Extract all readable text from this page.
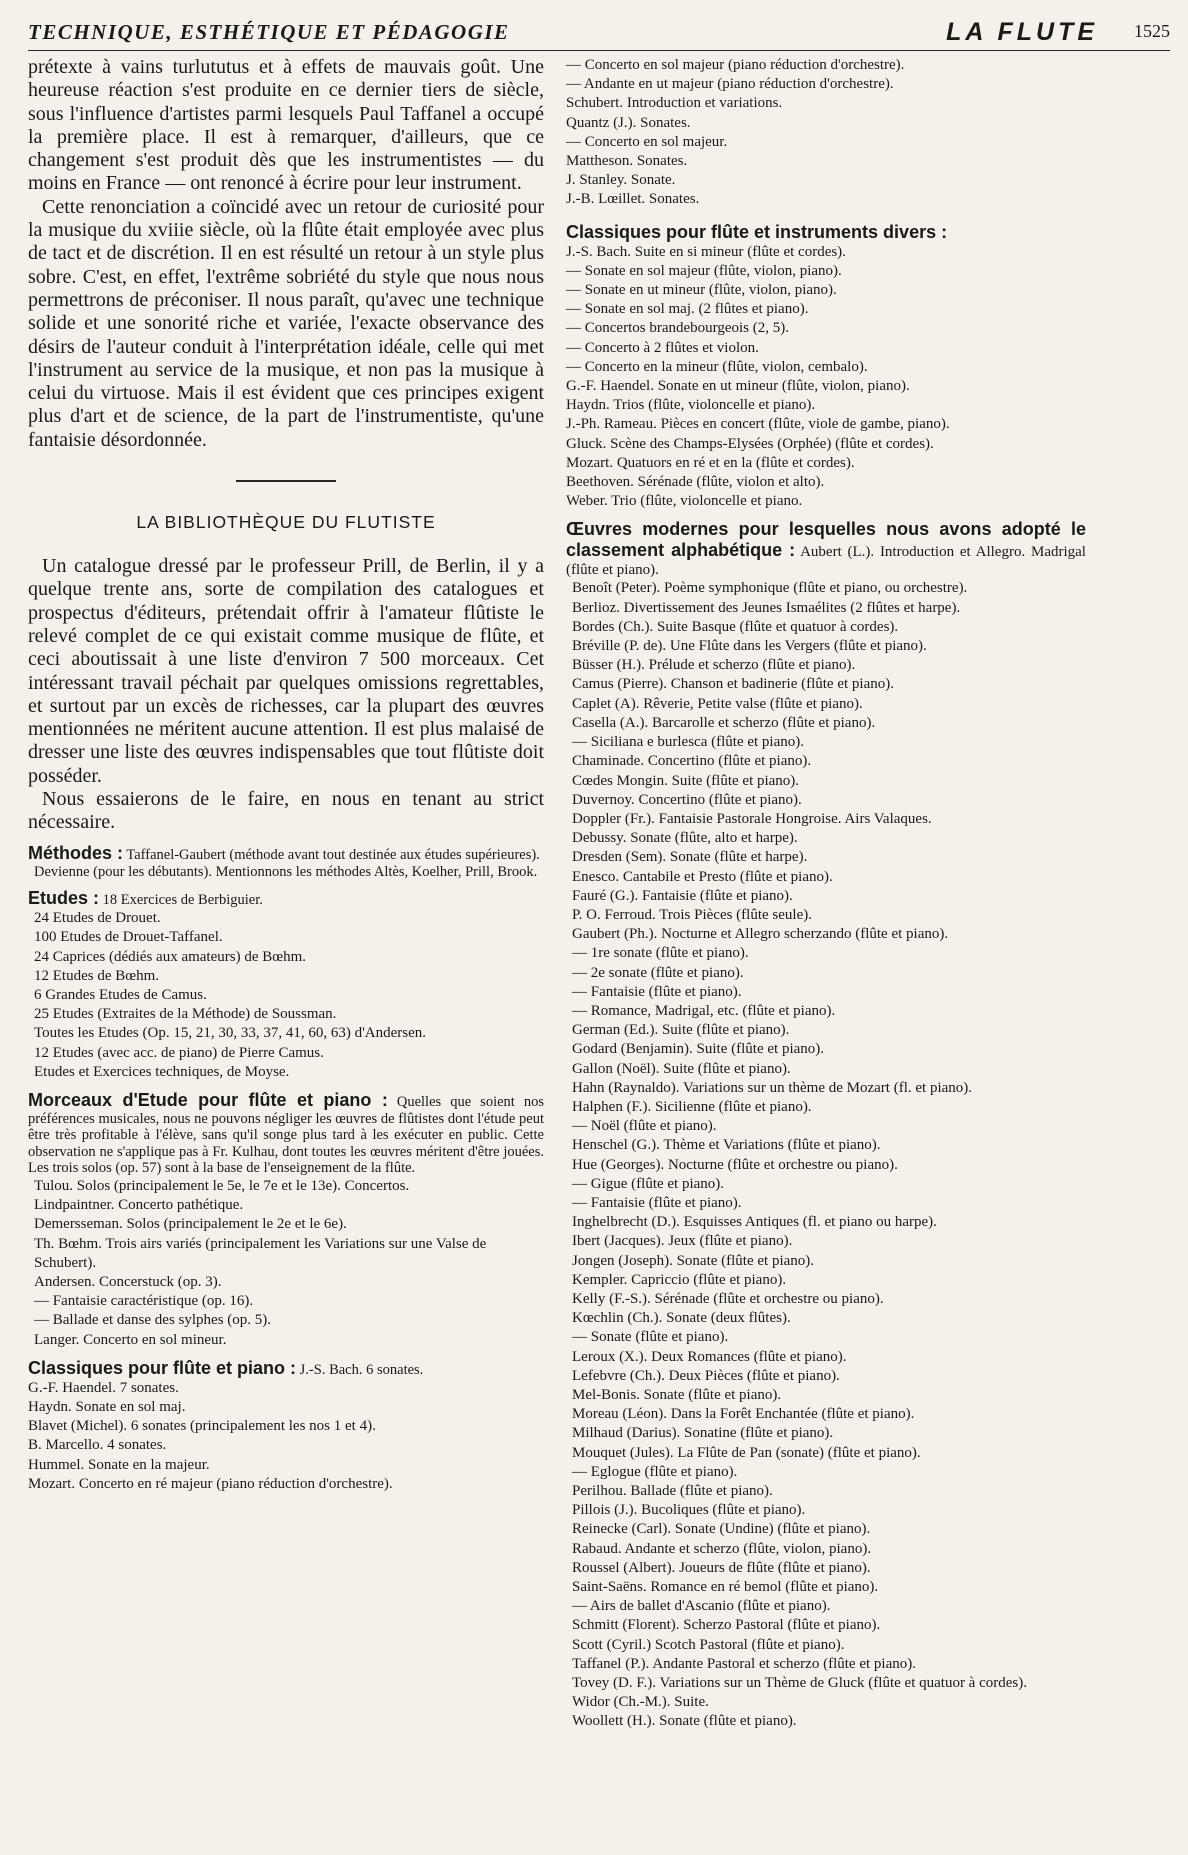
TECHNIQUE, ESTHÉTIQUE ET PÉDAGOGIE	LA FLUTE 1525

prétexte à vains turlututus et à effets de mauvais goût. Une heureuse réaction s'est produite en ce dernier tiers de siècle, sous l'influence d'artistes parmi lesquels Paul Taffanel a occupé la première place. Il est à remarquer, d'ailleurs, que ce changement s'est produit dès que les instrumentistes — du moins en France — ont renoncé à écrire pour leur instrument.

Cette renonciation a coïncidé avec un retour de curiosité pour la musique du xviiie siècle, où la flûte était employée avec plus de tact et de discrétion. Il en est résulté un retour à un style plus sobre. C'est, en effet, l'extrême sobriété du style que nous nous permettrons de préconiser. Il nous paraît, qu'avec une technique solide et une sonorité riche et variée, l'exacte observance des désirs de l'auteur conduit à l'interprétation idéale, celle qui met l'instrument au service de la musique, et non pas la musique à celui du virtuose. Mais il est évident que ces principes exigent plus d'art et de science, de la part de l'instrumentiste, qu'une fantaisie désordonnée.

LA BIBLIOTHÈQUE DU FLUTISTE

Un catalogue dressé par le professeur Prill, de Berlin, il y a quelque trente ans, sorte de compilation des catalogues et prospectus d'éditeurs, prétendait offrir à l'amateur flûtiste le relevé complet de ce qui existait comme musique de flûte, et ceci aboutissait à une liste d'environ 7 500 morceaux. Cet intéressant travail péchait par quelques omissions regrettables, et surtout par un excès de richesses, car la plupart des œuvres mentionnées ne méritent aucune attention. Il est plus malaisé de dresser une liste des œuvres indispensables que tout flûtiste doit posséder.

Nous essaierons de le faire, en nous en tenant au strict nécessaire.

Méthodes : Taffanel-Gaubert (méthode avant tout destinée aux études supérieures).

Devienne (pour les débutants). Mentionnons les méthodes Altès, Koelher, Prill, Brook.

Etudes : 18 Exercices de Berbiguier.

24 Etudes de Drouet.

100 Etudes de Drouet-Taffanel.

24 Caprices (dédiés aux amateurs) de Bœhm.

12 Etudes de Bœhm.

6 Grandes Etudes de Camus.

25 Etudes (Extraites de la Méthode) de Soussman.

Toutes les Etudes (Op. 15, 21, 30, 33, 37, 41, 60, 63) d'Andersen.

12 Etudes (avec acc. de piano) de Pierre Camus.

Etudes et Exercices techniques, de Moyse.

Morceaux d'Etude pour flûte et piano : Quelles que soient nos préférences musicales, nous ne pouvons négliger les œuvres de flûtistes dont l'étude peut être très profitable à l'élève, sans qu'il songe plus tard à les exécuter en public. Cette observation ne s'applique pas à Fr. Kulhau, dont toutes les œuvres méritent d'être jouées. Les trois solos (op. 57) sont à la base de l'enseignement de la flûte.

Tulou. Solos (principalement le 5e, le 7e et le 13e). Concertos.

Lindpaintner. Concerto pathétique.

Demersseman. Solos (principalement le 2e et le 6e).

Th. Bœhm. Trois airs variés (principalement les Variations sur une Valse de Schubert).

Andersen. Concerstuck (op. 3).

— Fantaisie caractéristique (op. 16).

— Ballade et danse des sylphes (op. 5).

Langer. Concerto en sol mineur.

Classiques pour flûte et piano : J.-S. Bach. 6 sonates.

G.-F. Haendel. 7 sonates.

Haydn. Sonate en sol maj.

Blavet (Michel). 6 sonates (principalement les nos 1 et 4).

B. Marcello. 4 sonates.

Hummel. Sonate en la majeur.

Mozart. Concerto en ré majeur (piano réduction d'orchestre).

— Concerto en sol majeur (piano réduction d'orchestre).

— Andante en ut majeur (piano réduction d'orchestre).

Schubert. Introduction et variations.

Quantz (J.). Sonates.

— Concerto en sol majeur.

Mattheson. Sonates.

J. Stanley. Sonate.

J.-B. Lœillet. Sonates.

Classiques pour flûte et instruments divers :

J.-S. Bach. Suite en si mineur (flûte et cordes).

— Sonate en sol majeur (flûte, violon, piano).

— Sonate en ut mineur (flûte, violon, piano).

— Sonate en sol maj. (2 flûtes et piano).

— Concertos brandebourgeois (2, 5).

— Concerto à 2 flûtes et violon.

— Concerto en la mineur (flûte, violon, cembalo).

G.-F. Haendel. Sonate en ut mineur (flûte, violon, piano).

Haydn. Trios (flûte, violoncelle et piano).

J.-Ph. Rameau. Pièces en concert (flûte, viole de gambe, piano).

Gluck. Scène des Champs-Elysées (Orphée) (flûte et cordes).

Mozart. Quatuors en ré et en la (flûte et cordes).

Beethoven. Sérénade (flûte, violon et alto).

Weber. Trio (flûte, violoncelle et piano.

Œuvres modernes pour lesquelles nous avons adopté le classement alphabétique : Aubert (L.). Introduction et Allegro. Madrigal (flûte et piano).

Benoît (Peter). Poème symphonique (flûte et piano, ou orchestre).

Berlioz. Divertissement des Jeunes Ismaélites (2 flûtes et harpe).

Bordes (Ch.). Suite Basque (flûte et quatuor à cordes).

Bréville (P. de). Une Flûte dans les Vergers (flûte et piano).

Büsser (H.). Prélude et scherzo (flûte et piano).

Camus (Pierre). Chanson et badinerie (flûte et piano).

Caplet (A). Rêverie, Petite valse (flûte et piano).

Casella (A.). Barcarolle et scherzo (flûte et piano).

— Siciliana e burlesca (flûte et piano).

Chaminade. Concertino (flûte et piano).

Cœdes Mongin. Suite (flûte et piano).

Duvernoy. Concertino (flûte et piano).

Doppler (Fr.). Fantaisie Pastorale Hongroise. Airs Valaques.

Debussy. Sonate (flûte, alto et harpe).

Dresden (Sem). Sonate (flûte et harpe).

Enesco. Cantabile et Presto (flûte et piano).

Fauré (G.). Fantaisie (flûte et piano).

P. O. Ferroud. Trois Pièces (flûte seule).

Gaubert (Ph.). Nocturne et Allegro scherzando (flûte et piano).

— 1re sonate (flûte et piano).

— 2e sonate (flûte et piano).

— Fantaisie (flûte et piano).

— Romance, Madrigal, etc. (flûte et piano).

German (Ed.). Suite (flûte et piano).

Godard (Benjamin). Suite (flûte et piano).

Gallon (Noël). Suite (flûte et piano).

Hahn (Raynaldo). Variations sur un thème de Mozart (fl. et piano).

Halphen (F.). Sicilienne (flûte et piano).

— Noël (flûte et piano).

Henschel (G.). Thème et Variations (flûte et piano).

Hue (Georges). Nocturne (flûte et orchestre ou piano).

— Gigue (flûte et piano).

— Fantaisie (flûte et piano).

Inghelbrecht (D.). Esquisses Antiques (fl. et piano ou harpe).

Ibert (Jacques). Jeux (flûte et piano).

Jongen (Joseph). Sonate (flûte et piano).

Kempler. Capriccio (flûte et piano).

Kelly (F.-S.). Sérénade (flûte et orchestre ou piano).

Kœchlin (Ch.). Sonate (deux flûtes).

— Sonate (flûte et piano).

Leroux (X.). Deux Romances (flûte et piano).

Lefebvre (Ch.). Deux Pièces (flûte et piano).

Mel-Bonis. Sonate (flûte et piano).

Moreau (Léon). Dans la Forêt Enchantée (flûte et piano).

Milhaud (Darius). Sonatine (flûte et piano).

Mouquet (Jules). La Flûte de Pan (sonate) (flûte et piano).

— Eglogue (flûte et piano).

Perilhou. Ballade (flûte et piano).

Pillois (J.). Bucoliques (flûte et piano).

Reinecke (Carl). Sonate (Undine) (flûte et piano).

Rabaud. Andante et scherzo (flûte, violon, piano).

Roussel (Albert). Joueurs de flûte (flûte et piano).

Saint-Saëns. Romance en ré bemol (flûte et piano).

— Airs de ballet d'Ascanio (flûte et piano).

Schmitt (Florent). Scherzo Pastoral (flûte et piano).

Scott (Cyril.) Scotch Pastoral (flûte et piano).

Taffanel (P.). Andante Pastoral et scherzo (flûte et piano).

Tovey (D. F.). Variations sur un Thème de Gluck (flûte et quatuor à cordes).

Widor (Ch.-M.). Suite.

Woollett (H.). Sonate (flûte et piano).
